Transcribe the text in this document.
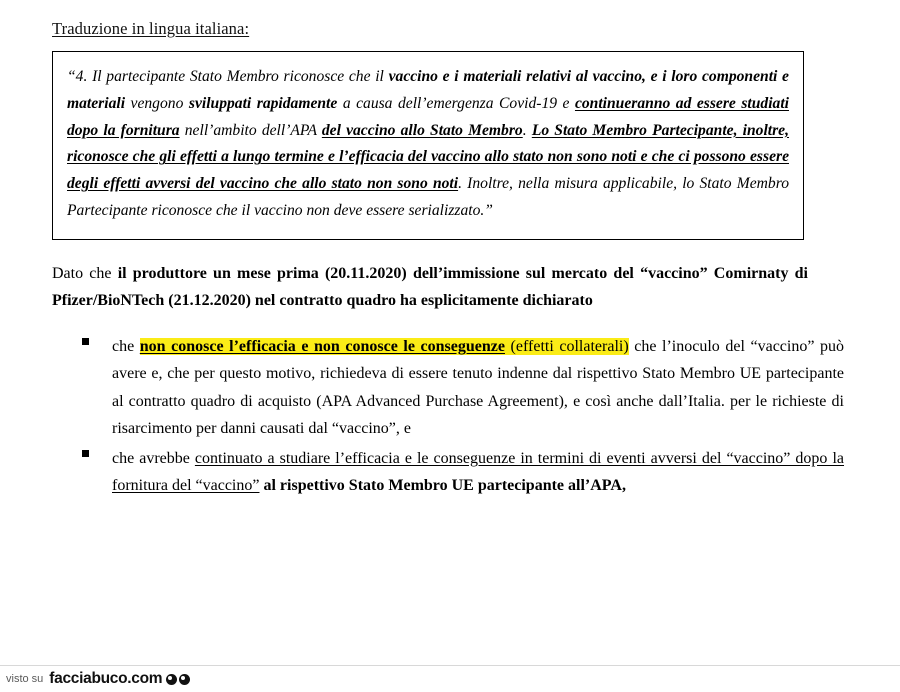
Traduzione in lingua italiana:

“4. Il partecipante Stato Membro riconosce che il vaccino e i materiali relativi al vaccino, e i loro componenti e materiali vengono sviluppati rapidamente a causa dell’emergenza Covid-19 e continueranno ad essere studiati dopo la fornitura nell’ambito dell’APA del vaccino allo Stato Membro. Lo Stato Membro Partecipante, inoltre, riconosce che gli effetti a lungo termine e l’efficacia del vaccino allo stato non sono noti e che ci possono essere degli effetti avversi del vaccino che allo stato non sono noti. Inoltre, nella misura applicabile, lo Stato Membro Partecipante riconosce che il vaccino non deve essere serializzato.”

Dato che il produttore un mese prima (20.11.2020) dell’immissione sul mercato del “vaccino” Comirnaty di Pfizer/BioNTech (21.12.2020) nel contratto quadro ha esplicitamente dichiarato

che non conosce l’efficacia e non conosce le conseguenze (effetti collaterali) che l’inoculo del “vaccino” può avere e, che per questo motivo, richiedeva di essere tenuto indenne dal rispettivo Stato Membro UE partecipante al contratto quadro di acquisto (APA Advanced Purchase Agreement), e così anche dall’Italia. per le richieste di risarcimento per danni causati dal “vaccino”, e
che avrebbe continuato a studiare l’efficacia e le conseguenze in termini di eventi avversi del “vaccino” dopo la fornitura del “vaccino” al rispettivo Stato Membro UE partecipante all’APA,
visto su facciabuco.com
